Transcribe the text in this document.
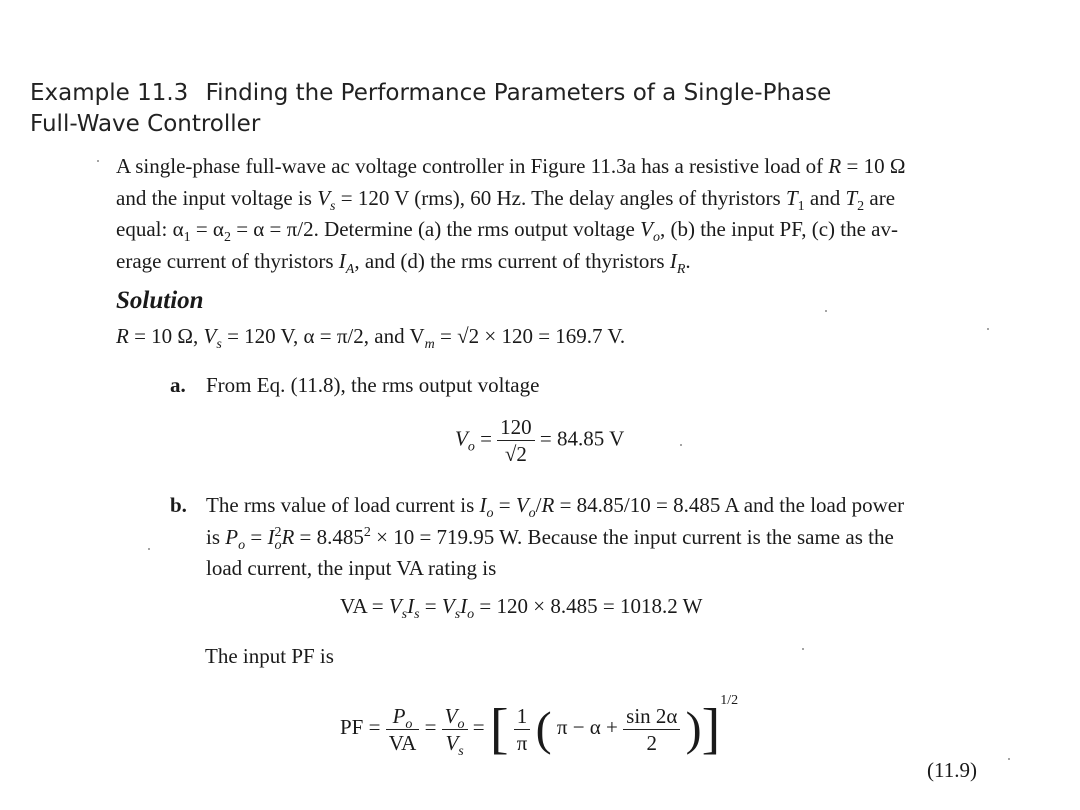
Example 11.3 Finding the Performance Parameters of a Single-Phase
Full-Wave Controller

A single-phase full-wave ac voltage controller in Figure 11.3a has a resistive load of R = 10 Ω

and the input voltage is $V_s = 120$ V (rms), 60 Hz. The delay angles of thyristors $T_1$ and $T_2$ are

equal: $\alpha_1 = \alpha_2 = \alpha = \pi/2$. Determine (a) the rms output voltage $V_o$, (b) the input PF, (c) the av-

erage current of thyristors $I_A$, and (d) the rms current of thyristors $I_R$.

Solution
R = 10 Ω, $V_s = 120$ V, α = π/2, and $V_m = √2 \times 120 = 169.7$ V.
a. From Eq. (11.8), the rms output voltage
$V_o = \frac{120}{√2} = 84.85$ V
b. The rms value of load current is $I_o = V_o/R = 84.85/10 = 8.485$ A and the load power
is $P_o = I^2_oR = 8.485^2 \times 10 = 719.95$ W. Because the input current is the same as the
load current, the input VA rating is
VA = $V_sI_s = V_sI_o = 120 \times 8.485 = 1018.2$ W
The input PF is
PF = $\frac{P_o}{VA} = \frac{V_o}{V_s}$ = [ $\frac{1}{\pi}$ ( $\pi - \alpha + \frac{\sin 2\alpha}{2} )]^{1/2}$
(11.9)
